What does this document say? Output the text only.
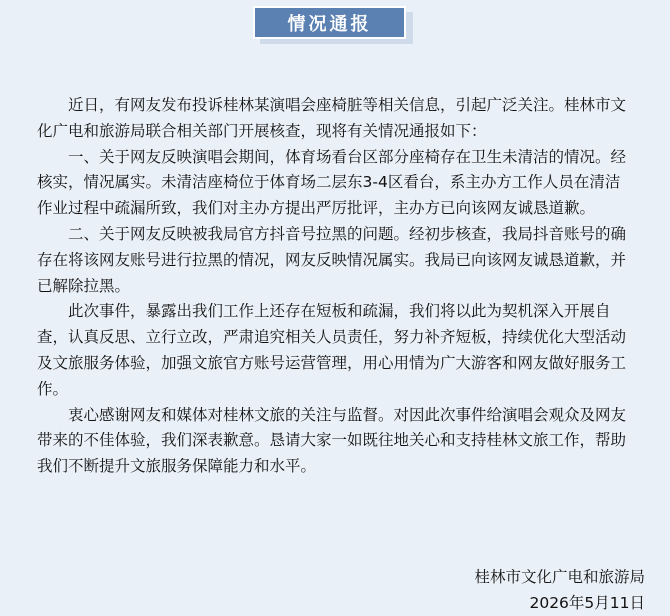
情况通报

　　近日，有网友发布投诉桂林某演唱会座椅脏等相关信息，引起广泛关注。桂林市文化广电和旅游局联合相关部门开展核查，现将有关情况通报如下：

　　一、关于网友反映演唱会期间，体育场看台区部分座椅存在卫生未清洁的情况。经核实，情况属实。未清洁座椅位于体育场二层东3-4区看台，系主办方工作人员在清洁作业过程中疏漏所致，我们对主办方提出严厉批评，主办方已向该网友诚恳道歉。

　　二、关于网友反映被我局官方抖音号拉黑的问题。经初步核查，我局抖音账号的确存在将该网友账号进行拉黑的情况，网友反映情况属实。我局已向该网友诚恳道歉，并已解除拉黑。

　　此次事件，暴露出我们工作上还存在短板和疏漏，我们将以此为契机深入开展自查，认真反思、立行立改，严肃追究相关人员责任，努力补齐短板，持续优化大型活动及文旅服务体验，加强文旅官方账号运营管理，用心用情为广大游客和网友做好服务工作。

　　衷心感谢网友和媒体对桂林文旅的关注与监督。对因此次事件给演唱会观众及网友带来的不佳体验，我们深表歉意。恳请大家一如既往地关心和支持桂林文旅工作，帮助我们不断提升文旅服务保障能力和水平。

桂林市文化广电和旅游局
2026年5月11日
